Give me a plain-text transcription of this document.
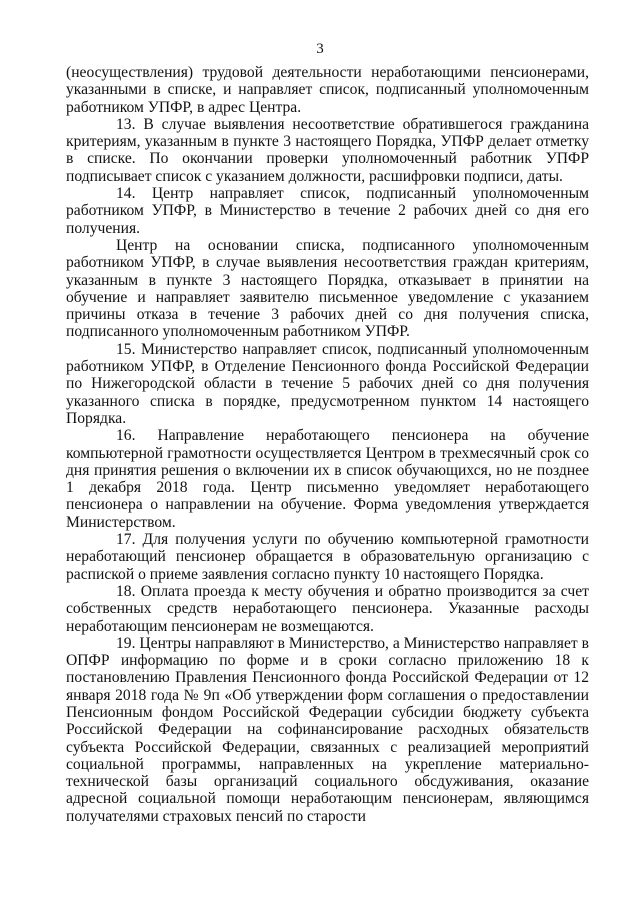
3

(неосуществления) трудовой деятельности неработающими пенсионерами, указанными в списке, и направляет список, подписанный уполномоченным работником УПФР, в адрес Центра.

13. В случае выявления несоответствие обратившегося гражданина критериям, указанным в пункте 3 настоящего Порядка, УПФР делает отметку в списке. По окончании проверки уполномоченный работник УПФР подписывает список с указанием должности, расшифровки подписи, даты.

14. Центр направляет список, подписанный уполномоченным работником УПФР, в Министерство в течение 2 рабочих дней со дня его получения.

Центр на основании списка, подписанного уполномоченным работником УПФР, в случае выявления несоответствия граждан критериям, указанным в пункте 3 настоящего Порядка, отказывает в принятии на обучение и направляет заявителю письменное уведомление с указанием причины отказа в течение 3 рабочих дней со дня получения списка, подписанного уполномоченным работником УПФР.

15. Министерство направляет список, подписанный уполномоченным работником УПФР, в Отделение Пенсионного фонда Российской Федерации по Нижегородской области в течение 5 рабочих дней со дня получения указанного списка в порядке, предусмотренном пунктом 14 настоящего Порядка.

16. Направление неработающего пенсионера на обучение компьютерной грамотности осуществляется Центром в трехмесячный срок со дня принятия решения о включении их в список обучающихся, но не позднее 1 декабря 2018 года. Центр письменно уведомляет неработающего пенсионера о направлении на обучение. Форма уведомления утверждается Министерством.

17. Для получения услуги по обучению компьютерной грамотности неработающий пенсионер обращается в образовательную организацию с распиской о приеме заявления согласно пункту 10 настоящего Порядка.

18. Оплата проезда к месту обучения и обратно производится за счет собственных средств неработающего пенсионера. Указанные расходы неработающим пенсионерам не возмещаются.

19. Центры направляют в Министерство, а Министерство направляет в ОПФР информацию по форме и в сроки согласно приложению 18 к постановлению Правления Пенсионного фонда Российской Федерации от 12 января 2018 года № 9п «Об утверждении форм соглашения о предоставлении Пенсионным фондом Российской Федерации субсидии бюджету субъекта Российской Федерации на софинансирование расходных обязательств субъекта Российской Федерации, связанных с реализацией мероприятий социальной программы, направленных на укрепление материально-технической базы организаций социального обсдуживания, оказание адресной социальной помощи неработающим пенсионерам, являющимся получателями страховых пенсий по старости
